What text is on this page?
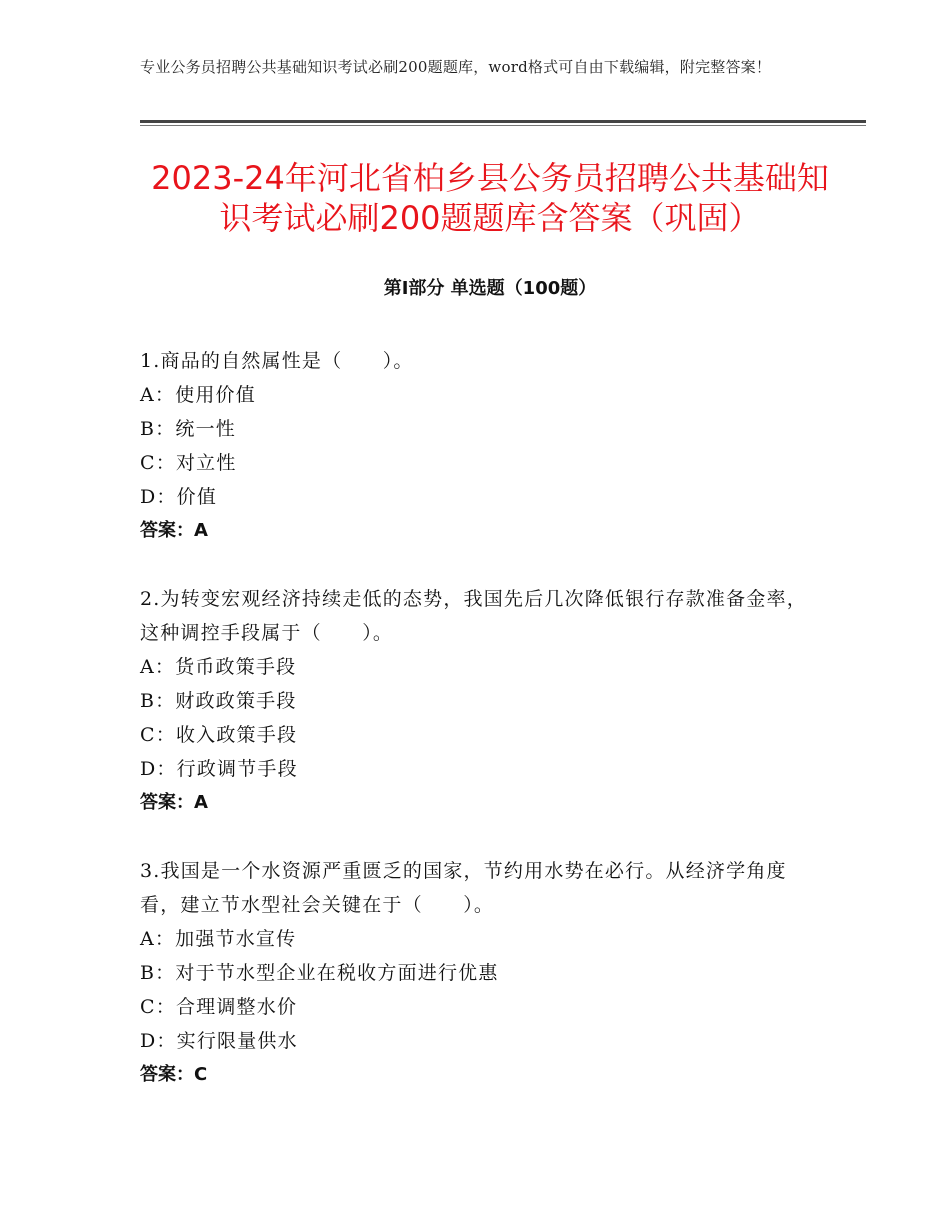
专业公务员招聘公共基础知识考试必刷200题题库，word格式可自由下载编辑，附完整答案！
2023-24年河北省柏乡县公务员招聘公共基础知识考试必刷200题题库含答案（巩固）
第Ⅰ部分 单选题（100题）
1.商品的自然属性是（　　）。
A：使用价值
B：统一性
C：对立性
D：价值
答案：A
2.为转变宏观经济持续走低的态势，我国先后几次降低银行存款准备金率，这种调控手段属于（　　）。
A：货币政策手段
B：财政政策手段
C：收入政策手段
D：行政调节手段
答案：A
3.我国是一个水资源严重匮乏的国家，节约用水势在必行。从经济学角度看，建立节水型社会关键在于（　　）。
A：加强节水宣传
B：对于节水型企业在税收方面进行优惠
C：合理调整水价
D：实行限量供水
答案：C
